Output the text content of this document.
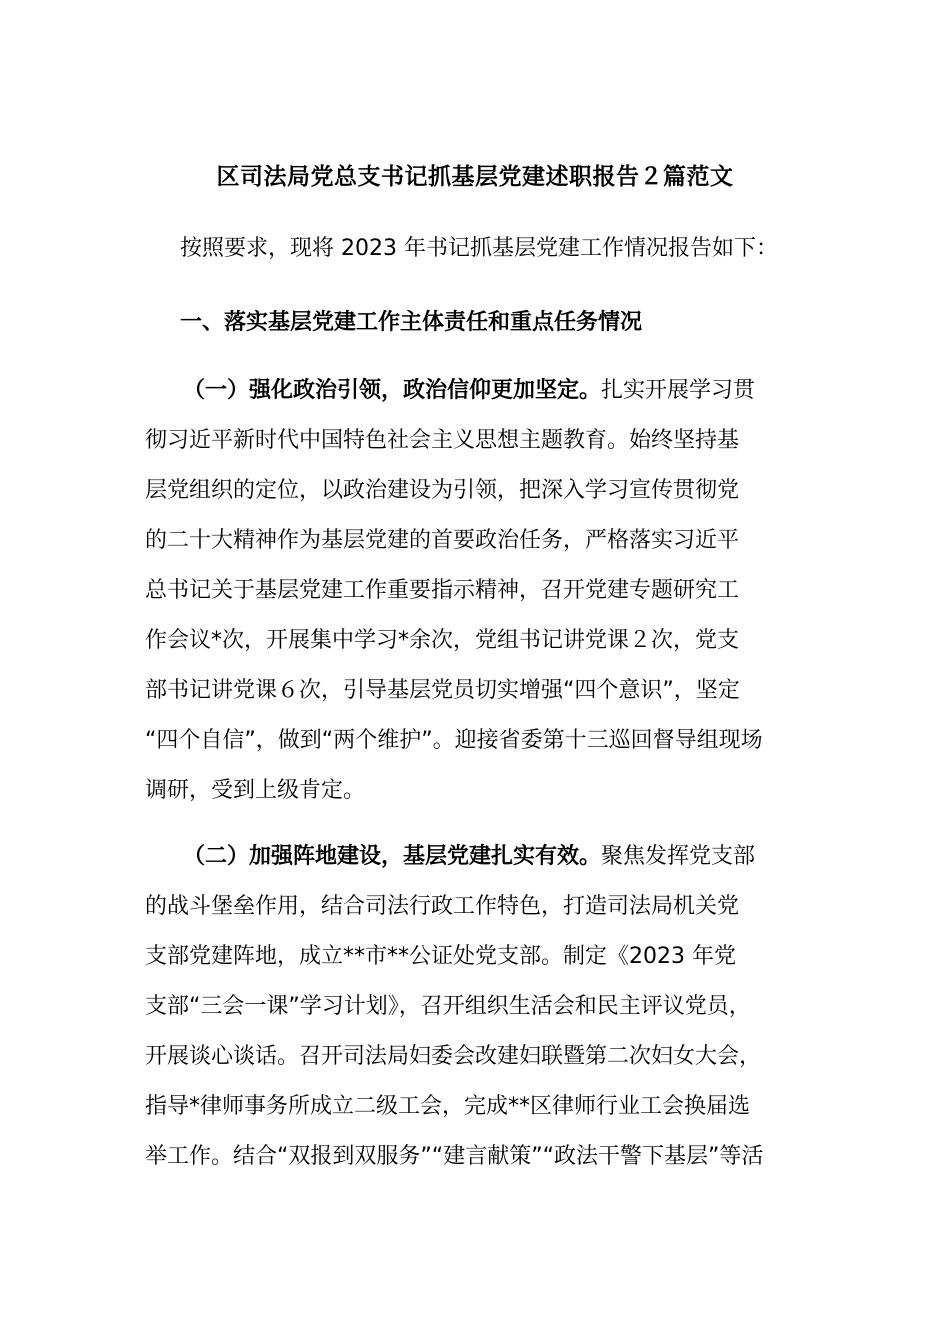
区司法局党总支书记抓基层党建述职报告２篇范文
按照要求，现将 2023 年书记抓基层党建工作情况报告如下：
一、落实基层党建工作主体责任和重点任务情况
（一）强化政治引领，政治信仰更加坚定。扎实开展学习贯
彻习近平新时代中国特色社会主义思想主题教育。始终坚持基
层党组织的定位，以政治建设为引领，把深入学习宣传贯彻党
的二十大精神作为基层党建的首要政治任务，严格落实习近平
总书记关于基层党建工作重要指示精神，召开党建专题研究工
作会议*次，开展集中学习*余次，党组书记讲党课２次，党支
部书记讲党课６次，引导基层党员切实增强“四个意识”，坚定
“四个自信”，做到“两个维护”。迎接省委第十三巡回督导组现场
调研，受到上级肯定。
（二）加强阵地建设，基层党建扎实有效。聚焦发挥党支部
的战斗堡垒作用，结合司法行政工作特色，打造司法局机关党
支部党建阵地，成立**市**公证处党支部。制定《2023 年党
支部“三会一课”学习计划》，召开组织生活会和民主评议党员，
开展谈心谈话。召开司法局妇委会改建妇联暨第二次妇女大会，
指导*律师事务所成立二级工会，完成**区律师行业工会换届选
举工作。结合“双报到双服务”“建言献策”“政法干警下基层”等活
